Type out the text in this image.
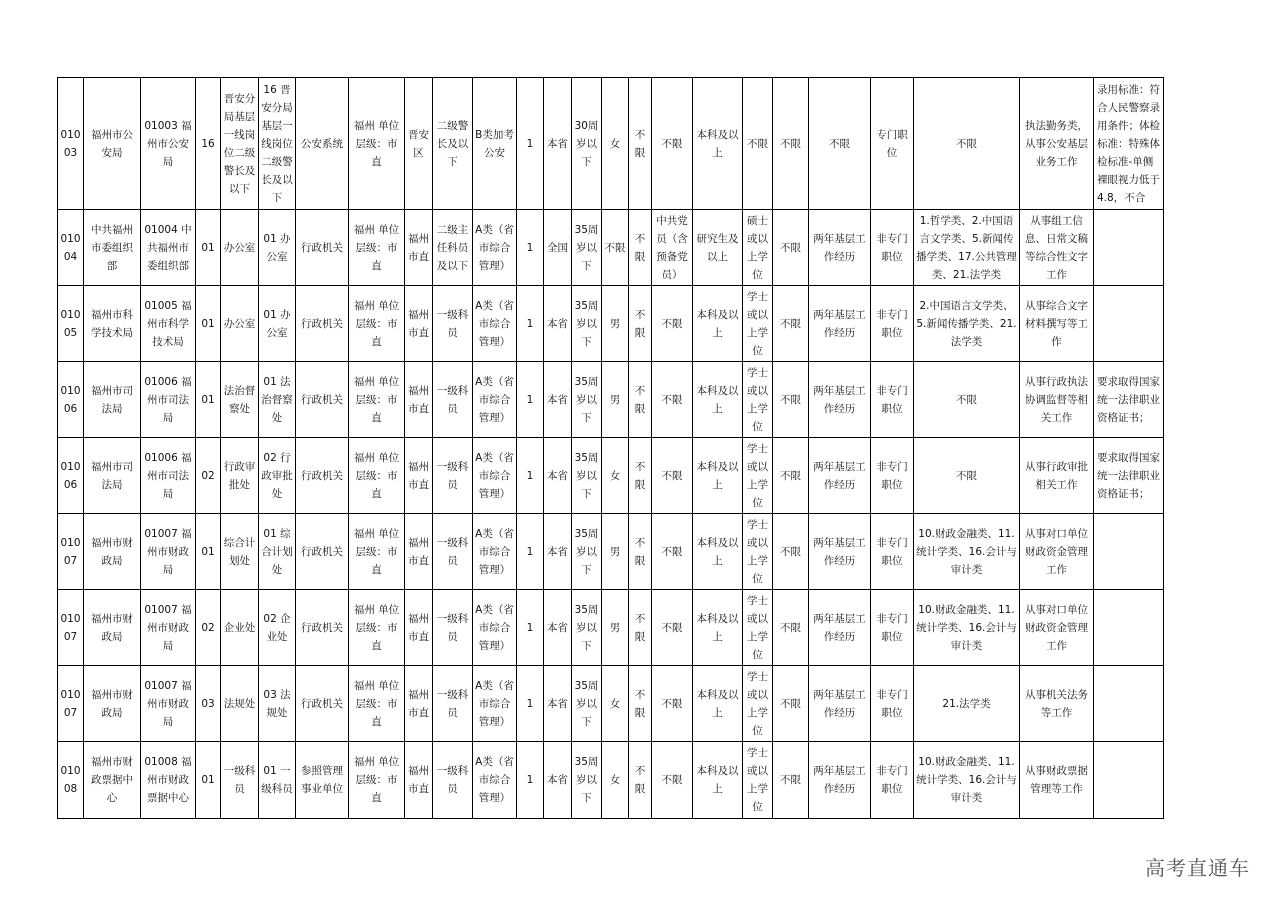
01003	福州市公安局	01003 福州市公安局	16	晋安分局基层一线岗位二级警长及以下	16 晋安分局基层一线岗位二级警长及以下	公安系统	福州 单位层级：市直	晋安区	二级警长及以下	B类加考公安	1	本省	30周岁以下	女	不限	不限	本科及以上	不限	不限	不限	专门职位	不限	执法勤务类，从事公安基层业务工作	录用标准：符合人民警察录用条件；体检标准：特殊体检标准-单侧裸眼视力低于4.8，不合
01004	中共福州市委组织部	01004 中共福州市委组织部	01	办公室	01 办公室	行政机关	福州 单位层级：市直	福州市直	二级主任科员及以下	A类（省市综合管理）	1	全国	35周岁以下	不限	不限	中共党员（含预备党员）	研究生及以上	硕士或以上学位	不限	两年基层工作经历	非专门职位	1.哲学类、2.中国语言文学类、5.新闻传播学类、17.公共管理类、21.法学类	从事组工信息、日常文稿等综合性文字工作	
01005	福州市科学技术局	01005 福州市科学技术局	01	办公室	01 办公室	行政机关	福州 单位层级：市直	福州市直	一级科员	A类（省市综合管理）	1	本省	35周岁以下	男	不限	不限	本科及以上	学士或以上学位	不限	两年基层工作经历	非专门职位	2.中国语言文学类、5.新闻传播学类、21.法学类	从事综合文字材料撰写等工作	
01006	福州市司法局	01006 福州市司法局	01	法治督察处	01 法治督察处	行政机关	福州 单位层级：市直	福州市直	一级科员	A类（省市综合管理）	1	本省	35周岁以下	男	不限	不限	本科及以上	学士或以上学位	不限	两年基层工作经历	非专门职位	不限	从事行政执法协调监督等相关工作	要求取得国家统一法律职业资格证书；
01006	福州市司法局	01006 福州市司法局	02	行政审批处	02 行政审批处	行政机关	福州 单位层级：市直	福州市直	一级科员	A类（省市综合管理）	1	本省	35周岁以下	女	不限	不限	本科及以上	学士或以上学位	不限	两年基层工作经历	非专门职位	不限	从事行政审批相关工作	要求取得国家统一法律职业资格证书；
01007	福州市财政局	01007 福州市财政局	01	综合计划处	01 综合计划处	行政机关	福州 单位层级：市直	福州市直	一级科员	A类（省市综合管理）	1	本省	35周岁以下	男	不限	不限	本科及以上	学士或以上学位	不限	两年基层工作经历	非专门职位	10.财政金融类、11.统计学类、16.会计与审计类	从事对口单位财政资金管理工作	
01007	福州市财政局	01007 福州市财政局	02	企业处	02 企业处	行政机关	福州 单位层级：市直	福州市直	一级科员	A类（省市综合管理）	1	本省	35周岁以下	男	不限	不限	本科及以上	学士或以上学位	不限	两年基层工作经历	非专门职位	10.财政金融类、11.统计学类、16.会计与审计类	从事对口单位财政资金管理工作	
01007	福州市财政局	01007 福州市财政局	03	法规处	03 法规处	行政机关	福州 单位层级：市直	福州市直	一级科员	A类（省市综合管理）	1	本省	35周岁以下	女	不限	不限	本科及以上	学士或以上学位	不限	两年基层工作经历	非专门职位	21.法学类	从事机关法务等工作	
01008	福州市财政票据中心	01008 福州市财政票据中心	01	一级科员	01 一级科员	参照管理事业单位	福州 单位层级：市直	福州市直	一级科员	A类（省市综合管理）	1	本省	35周岁以下	女	不限	不限	本科及以上	学士或以上学位	不限	两年基层工作经历	非专门职位	10.财政金融类、11.统计学类、16.会计与审计类	从事财政票据管理等工作	
高考直通车
